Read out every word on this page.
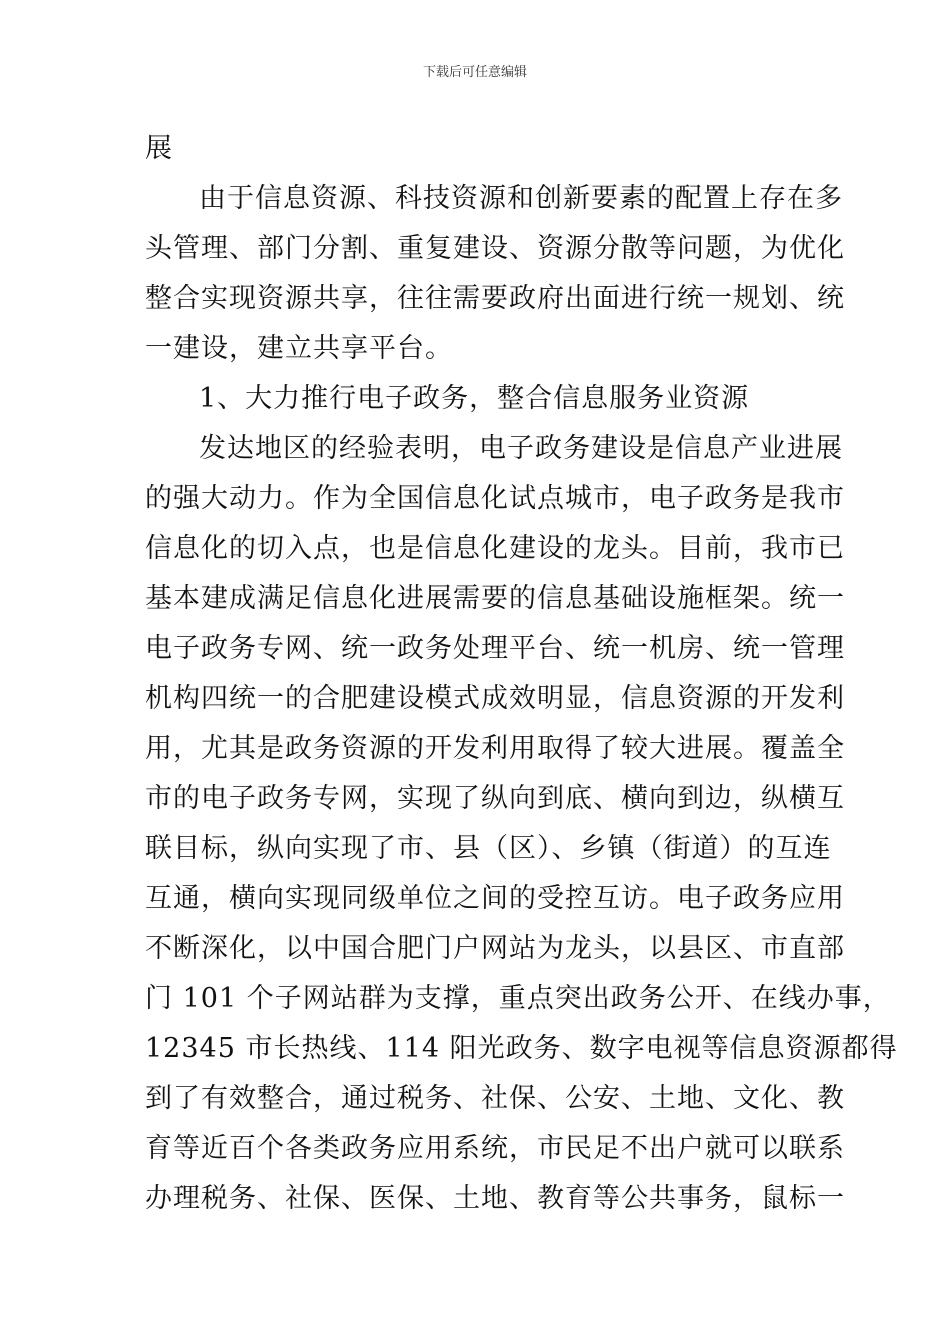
下载后可任意编辑
展
由于信息资源、科技资源和创新要素的配置上存在多
头管理、部门分割、重复建设、资源分散等问题，为优化
整合实现资源共享，往往需要政府出面进行统一规划、统
一建设，建立共享平台。
1、大力推行电子政务，整合信息服务业资源
发达地区的经验表明，电子政务建设是信息产业进展
的强大动力。作为全国信息化试点城市，电子政务是我市
信息化的切入点，也是信息化建设的龙头。目前，我市已
基本建成满足信息化进展需要的信息基础设施框架。统一
电子政务专网、统一政务处理平台、统一机房、统一管理
机构四统一的合肥建设模式成效明显，信息资源的开发利
用，尤其是政务资源的开发利用取得了较大进展。覆盖全
市的电子政务专网，实现了纵向到底、横向到边，纵横互
联目标，纵向实现了市、县（区）、乡镇（街道）的互连
互通，横向实现同级单位之间的受控互访。电子政务应用
不断深化，以中国合肥门户网站为龙头，以县区、市直部
门 101 个子网站群为支撑，重点突出政务公开、在线办事，
12345 市长热线、114 阳光政务、数字电视等信息资源都得
到了有效整合，通过税务、社保、公安、土地、文化、教
育等近百个各类政务应用系统，市民足不出户就可以联系
办理税务、社保、医保、土地、教育等公共事务，鼠标一
